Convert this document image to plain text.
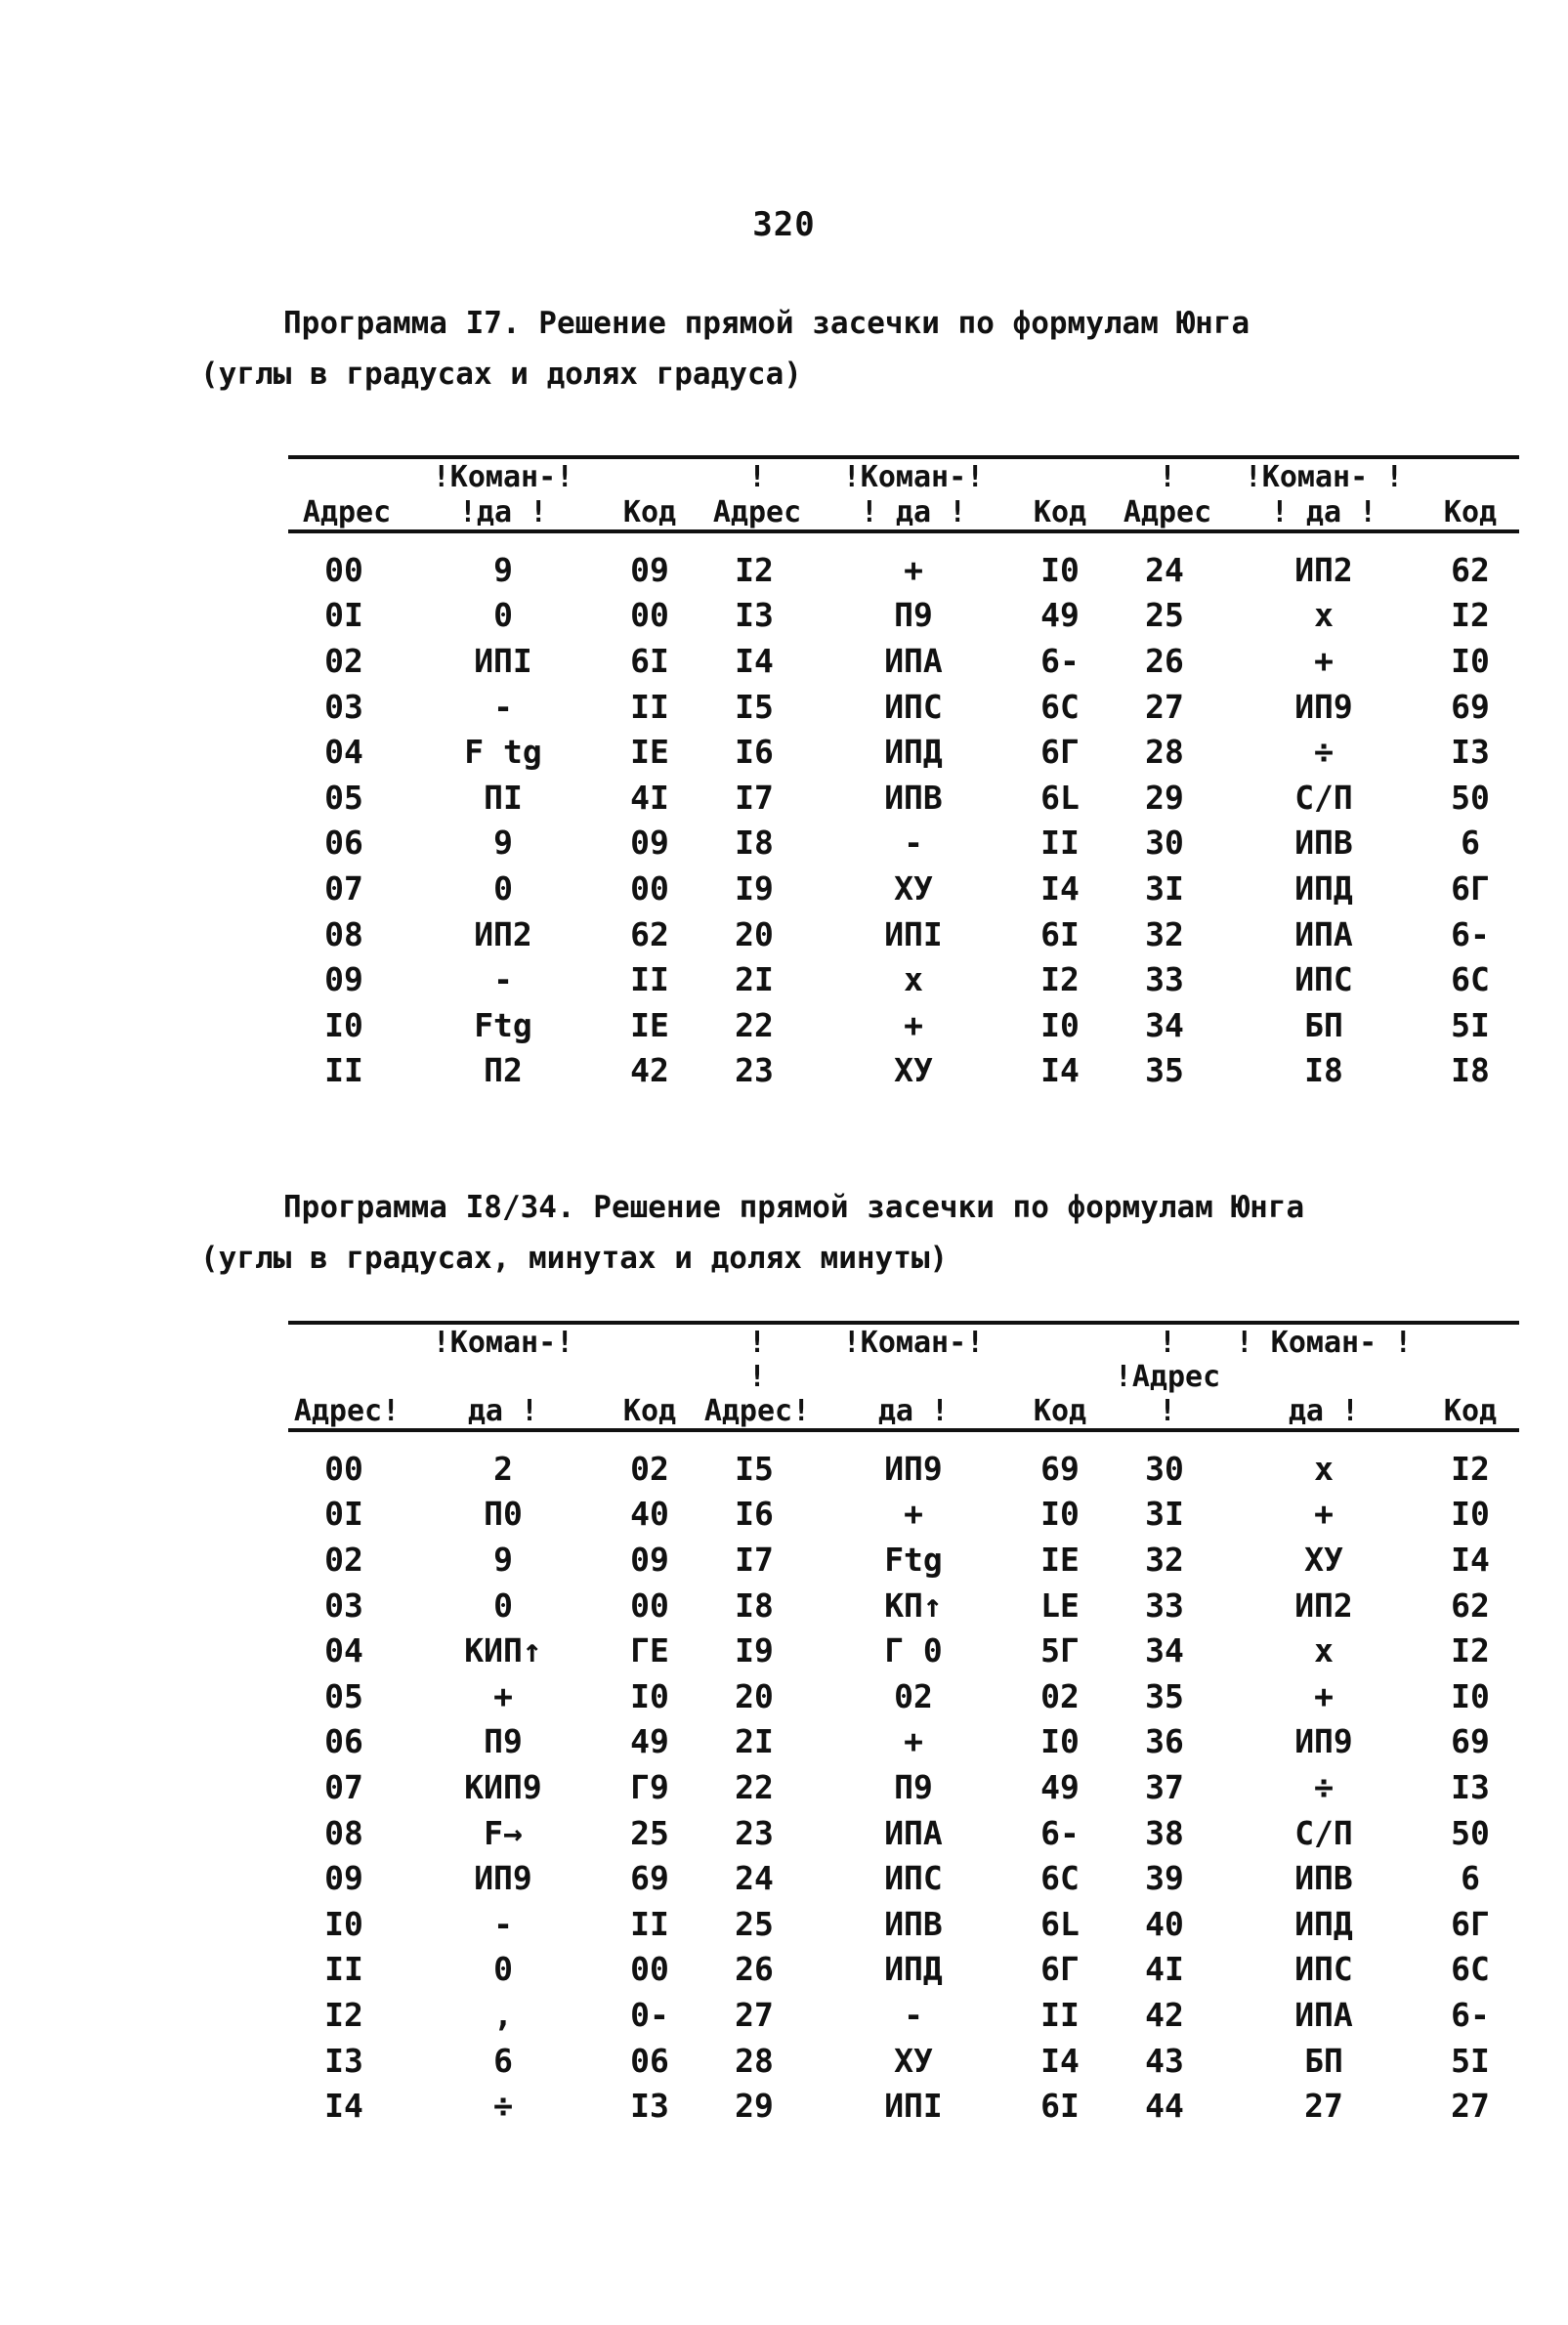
320
Программа I7. Решение прямой засечки по формулам Юнга
(углы в градусах и долях градуса)
	!Коман-!		!	!Коман-!		!	!Коман- !	
Адрес	!да !	Код	Адрес	! да !	Код	Адрес	! да !	Код
00	9	09	I2	+	I0	24	ИП2	62
0I	0	00	I3	П9	49	25	x	I2
02	ИПI	6I	I4	ИПА	6-	26	+	I0
03	-	II	I5	ИПС	6С	27	ИП9	69
04	F tg	IE	I6	ИПД	6Г	28	÷	I3
05	ПI	4I	I7	ИПВ	6L	29	С/П	50
06	9	09	I8	-	II	30	ИПВ	6
07	0	00	I9	ХУ	I4	3I	ИПД	6Г
08	ИП2	62	20	ИПI	6I	32	ИПА	6-
09	-	II	2I	x	I2	33	ИПС	6С
I0	Ftg	IE	22	+	I0	34	БП	5I
II	П2	42	23	ХУ	I4	35	I8	I8
Программа I8/34. Решение прямой засечки по формулам Юнга
(углы в градусах, минутах и долях минуты)
	!Коман-!		!	!Коман-!		!	! Коман- !	
Адрес!	да !	Код	!Адрес!	да !	Код	!Адрес !	да !	Код
00	2	02	I5	ИП9	69	30	x	I2
0I	П0	40	I6	+	I0	3I	+	I0
02	9	09	I7	Ftg	IE	32	ХУ	I4
03	0	00	I8	КП↑	LE	33	ИП2	62
04	КИП↑	ГЕ	I9	Г 0	5Г	34	x	I2
05	+	I0	20	02	02	35	+	I0
06	П9	49	2I	+	I0	36	ИП9	69
07	КИП9	Г9	22	П9	49	37	÷	I3
08	F→	25	23	ИПА	6-	38	С/П	50
09	ИП9	69	24	ИПС	6С	39	ИПВ	6
I0	-	II	25	ИПВ	6L	40	ИПД	6Г
II	0	00	26	ИПД	6Г	4I	ИПС	6С
I2	,	0-	27	-	II	42	ИПА	6-
I3	6	06	28	ХУ	I4	43	БП	5I
I4	÷	I3	29	ИПI	6I	44	27	27
